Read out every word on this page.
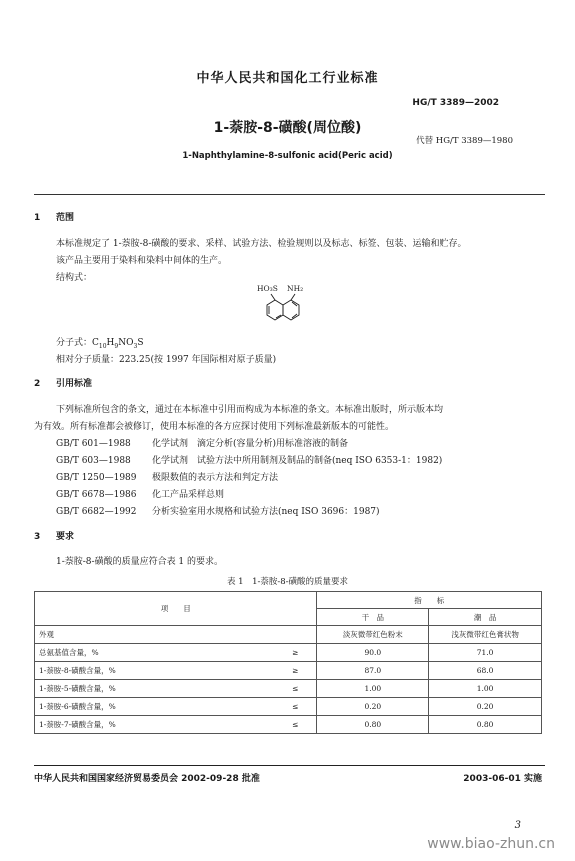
中华人民共和国化工行业标准
HG/T 3389—2002
1-萘胺-8-磺酸(周位酸)
代替 HG/T 3389—1980
1-Naphthylamine-8-sulfonic acid(Peric acid)
1 范围
本标准规定了 1-萘胺-8-磺酸的要求、采样、试验方法、检验规则以及标志、标签、包装、运输和贮存。
该产品主要用于染料和染料中间体的生产。
结构式：
HO₃S NH₂
分子式：$C_{10}H_9NO_3S$
相对分子质量：223.25(按 1997 年国际相对原子质量)
2 引用标准
下列标准所包含的条文，通过在本标准中引用而构成为本标准的条文。本标准出版时，所示版本均
为有效。所有标准都会被修订，使用本标准的各方应探讨使用下列标准最新版本的可能性。
GB/T 601—1988 化学试剂　滴定分析(容量分析)用标准溶液的制备
GB/T 603—1988 化学试剂　试验方法中所用制剂及制品的制备(neq ISO 6353-1：1982)
GB/T 1250—1989 极限数值的表示方法和判定方法
GB/T 6678—1986 化工产品采样总则
GB/T 6682—1992 分析实验室用水规格和试验方法(neq ISO 3696：1987)
3 要求
1-萘胺-8-磺酸的质量应符合表 1 的要求。
表 1　1-萘胺-8-磺酸的质量要求
项　　目		指　　标	
		干　品	潮　品
外观		淡灰微带红色粉末	浅灰微带红色膏状物
总氨基值含量，%	≥	90.0	71.0
1-萘胺-8-磺酸含量，%	≥	87.0	68.0
1-萘胺-5-磺酸含量，%	≤	1.00	1.00
1-萘胺-6-磺酸含量，%	≤	0.20	0.20
1-萘胺-7-磺酸含量，%	≤	0.80	0.80
中华人民共和国国家经济贸易委员会 2002-09-28 批准	2003-06-01 实施
3
www.biao-zhun.cn
